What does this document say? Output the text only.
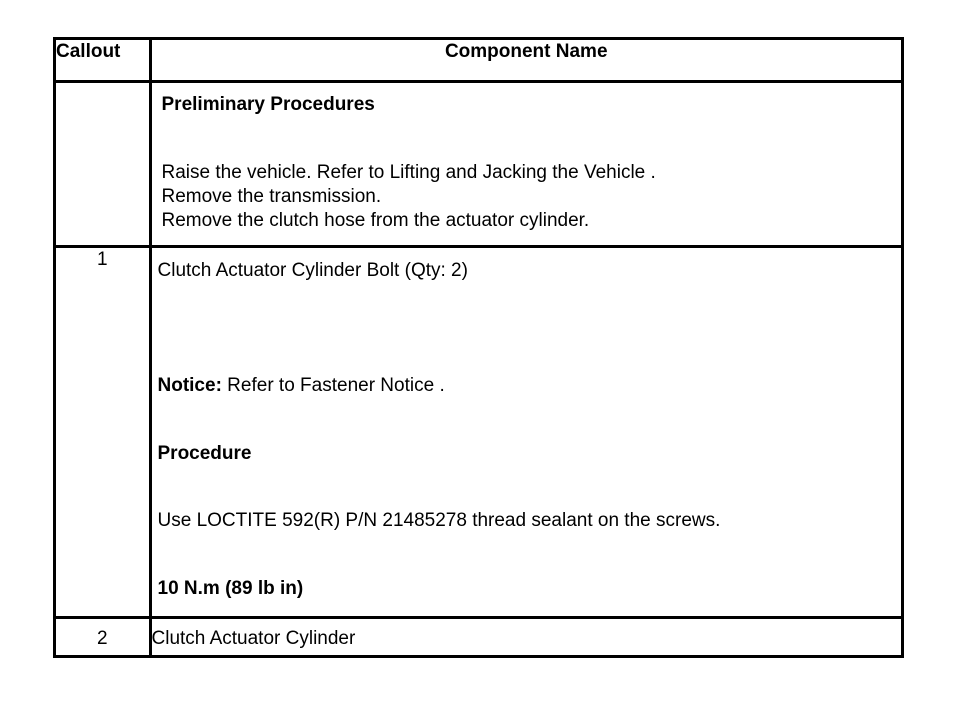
Callout	Component Name

	Preliminary Procedures

Raise the vehicle. Refer to Lifting and Jacking the Vehicle .

Remove the transmission.

Remove the clutch hose from the actuator cylinder.

1	Clutch Actuator Cylinder Bolt (Qty: 2)

Notice: Refer to Fastener Notice .

Procedure

Use LOCTITE 592(R) P/N 21485278 thread sealant on the screws.

10 N.m (89 lb in)

2	Clutch Actuator Cylinder
